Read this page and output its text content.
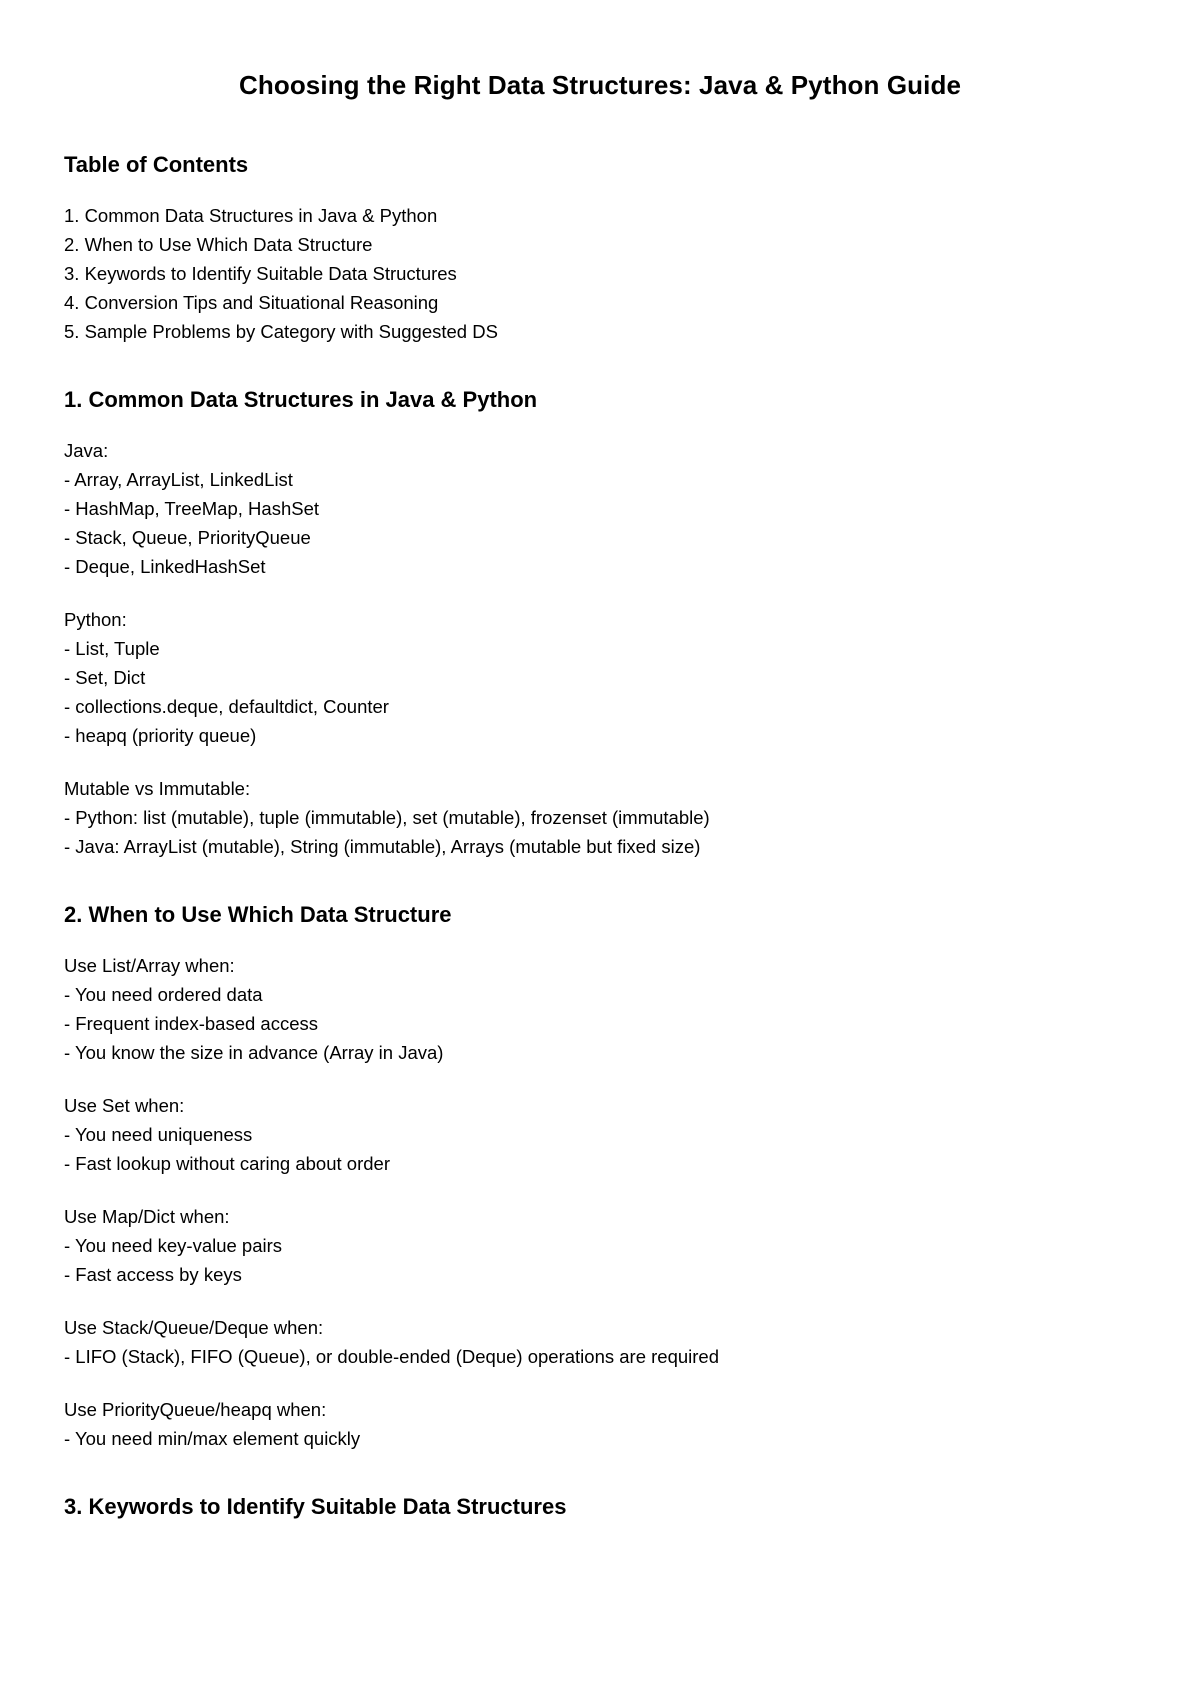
Choosing the Right Data Structures: Java & Python Guide
Table of Contents

1. Common Data Structures in Java & Python

2. When to Use Which Data Structure

3. Keywords to Identify Suitable Data Structures

4. Conversion Tips and Situational Reasoning

5. Sample Problems by Category with Suggested DS

1. Common Data Structures in Java & Python

Java:

- Array, ArrayList, LinkedList

- HashMap, TreeMap, HashSet

- Stack, Queue, PriorityQueue

- Deque, LinkedHashSet

Python:

- List, Tuple

- Set, Dict

- collections.deque, defaultdict, Counter

- heapq (priority queue)

Mutable vs Immutable:

- Python: list (mutable), tuple (immutable), set (mutable), frozenset (immutable)

- Java: ArrayList (mutable), String (immutable), Arrays (mutable but fixed size)

2. When to Use Which Data Structure

Use List/Array when:

- You need ordered data

- Frequent index-based access

- You know the size in advance (Array in Java)

Use Set when:

- You need uniqueness

- Fast lookup without caring about order

Use Map/Dict when:

- You need key-value pairs

- Fast access by keys

Use Stack/Queue/Deque when:

- LIFO (Stack), FIFO (Queue), or double-ended (Deque) operations are required

Use PriorityQueue/heapq when:

- You need min/max element quickly

3. Keywords to Identify Suitable Data Structures
